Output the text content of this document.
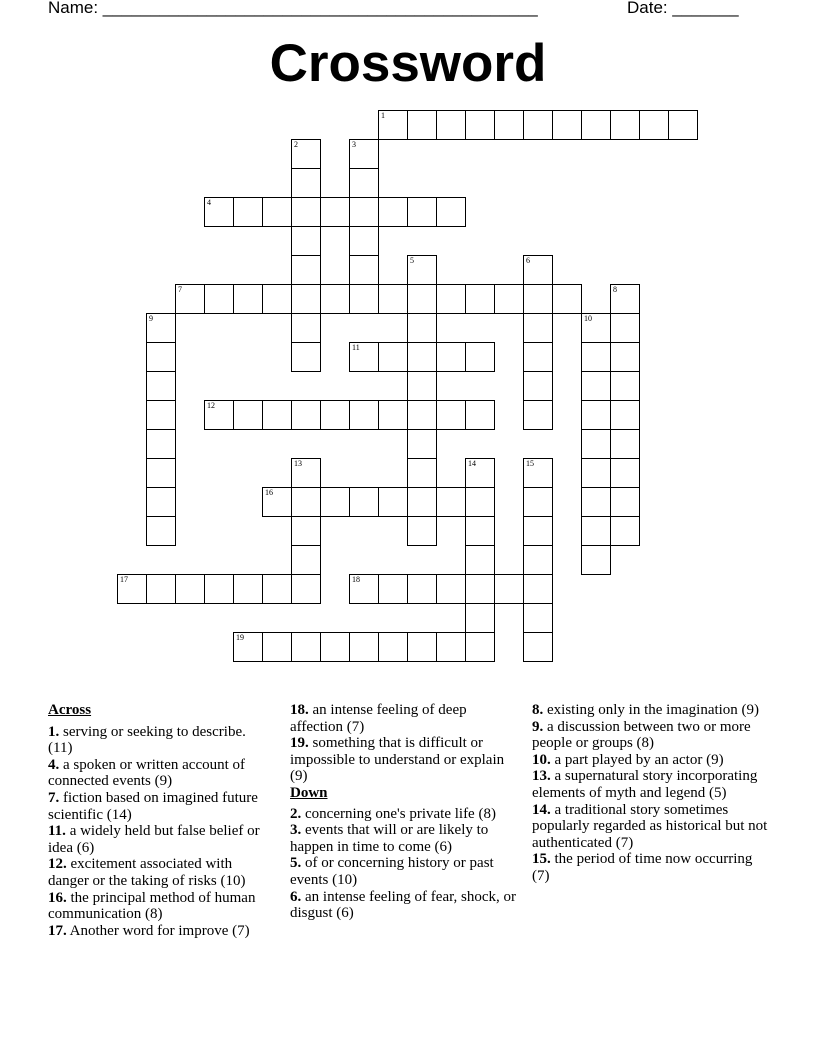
Name: ______________________________________________	Date: _______
Crossword
1
2	3
4
5	6
7	8
9	10
11
12
13	14	15
16
17	18
19
Across
1. serving or seeking to describe. (11)
4. a spoken or written account of connected events (9)
7. fiction based on imagined future scientific (14)
11. a widely held but false belief or idea (6)
12. excitement associated with danger or the taking of risks (10)
16. the principal method of human communication (8)
17. Another word for improve (7)
18. an intense feeling of deep affection (7)
19. something that is difficult or impossible to understand or explain (9)
Down
2. concerning one's private life (8)
3. events that will or are likely to happen in time to come (6)
5. of or concerning history or past events (10)
6. an intense feeling of fear, shock, or disgust (6)
8. existing only in the imagination (9)
9. a discussion between two or more people or groups (8)
10. a part played by an actor (9)
13. a supernatural story incorporating elements of myth and legend (5)
14. a traditional story sometimes popularly regarded as historical but not authenticated (7)
15. the period of time now occurring (7)
